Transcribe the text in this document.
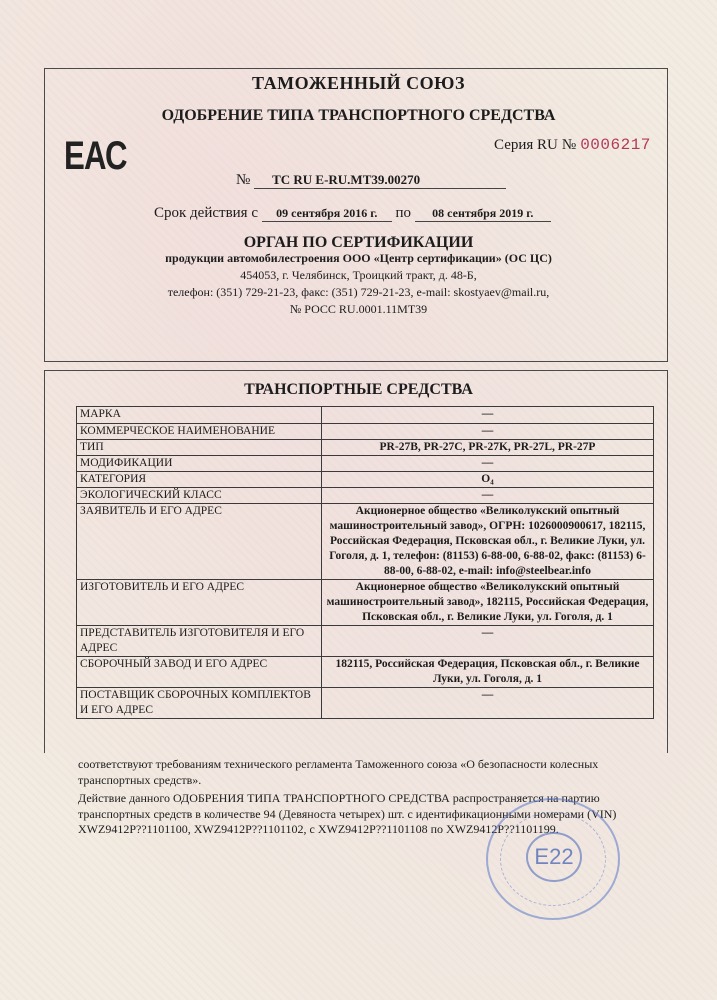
ТАМОЖЕННЫЙ СОЮЗ
ОДОБРЕНИЕ ТИПА ТРАНСПОРТНОГО СРЕДСТВА
ЕАС	Серия RU № 0006217
№ ТС RU E-RU.МТ39.00270
Срок действия с 09 сентября 2016 г. по 08 сентября 2019 г.
ОРГАН ПО СЕРТИФИКАЦИИ
продукции автомобилестроения ООО «Центр сертификации» (ОС ЦС)
454053, г. Челябинск, Троицкий тракт, д. 48-Б,
телефон: (351) 729-21-23, факс: (351) 729-21-23, e-mail: skostyaev@mail.ru,
№ РОСС RU.0001.11МТ39
ТРАНСПОРТНЫЕ СРЕДСТВА
МАРКА	—
КОММЕРЧЕСКОЕ НАИМЕНОВАНИЕ	—
ТИП	PR-27B, PR-27C, PR-27K, PR-27L, PR-27P
МОДИФИКАЦИИ	—
КАТЕГОРИЯ	O₄
ЭКОЛОГИЧЕСКИЙ КЛАСС	—
ЗАЯВИТЕЛЬ И ЕГО АДРЕС	Акционерное общество «Великолукский опытный машиностроительный завод», ОГРН: 1026000900617, 182115, Российская Федерация, Псковская обл., г. Великие Луки, ул. Гоголя, д. 1, телефон: (81153) 6-88-00, 6-88-02, факс: (81153) 6-88-00, 6-88-02, e-mail: info@steelbear.info
ИЗГОТОВИТЕЛЬ И ЕГО АДРЕС	Акционерное общество «Великолукский опытный машиностроительный завод», 182115, Российская Федерация, Псковская обл., г. Великие Луки, ул. Гоголя, д. 1
ПРЕДСТАВИТЕЛЬ ИЗГОТОВИТЕЛЯ И ЕГО АДРЕС	—
СБОРОЧНЫЙ ЗАВОД И ЕГО АДРЕС	182115, Российская Федерация, Псковская обл., г. Великие Луки, ул. Гоголя, д. 1
ПОСТАВЩИК СБОРОЧНЫХ КОМПЛЕКТОВ И ЕГО АДРЕС	—
соответствуют требованиям технического регламента Таможенного союза «О безопасности колесных транспортных средств».
Действие данного ОДОБРЕНИЯ ТИПА ТРАНСПОРТНОГО СРЕДСТВА распространяется на партию транспортных средств в количестве 94 (Девяноста четырех) шт. с идентификационными номерами (VIN) XWZ9412P??1101100, XWZ9412P??1101102, с XWZ9412P??1101108 по XWZ9412P??1101199.
E22
